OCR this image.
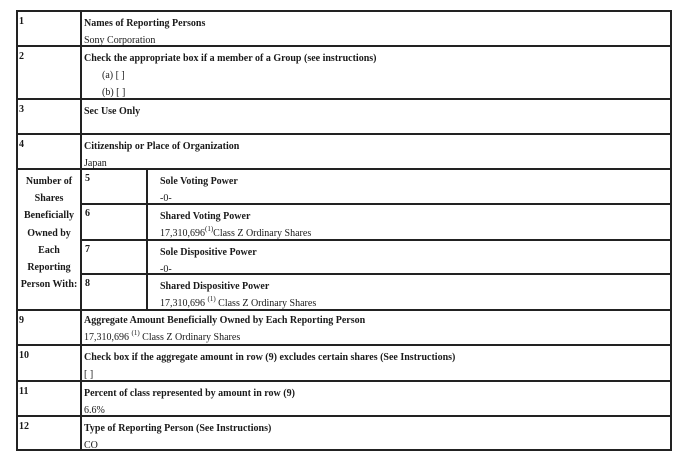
1	Names of Reporting Persons
Sony Corporation
2	Check the appropriate box if a member of a Group (see instructions)
(a) [ ]
(b) [ ]
3	Sec Use Only
4	Citizenship or Place of Organization
Japan
Number of
Shares
Beneficially
Owned by
Each
Reporting
Person With:
5	Sole Voting Power
-0-
6	Shared Voting Power
17,310,696$^{(1)}$Class Z Ordinary Shares
7	Sole Dispositive Power
-0-
8	Shared Dispositive Power
17,310,696 $^{(1)}$ Class Z Ordinary Shares
9	Aggregate Amount Beneficially Owned by Each Reporting Person
17,310,696 $^{(1)}$ Class Z Ordinary Shares
10	Check box if the aggregate amount in row (9) excludes certain shares (See Instructions)
[ ]
11	Percent of class represented by amount in row (9)
6.6%
12	Type of Reporting Person (See Instructions)
CO
